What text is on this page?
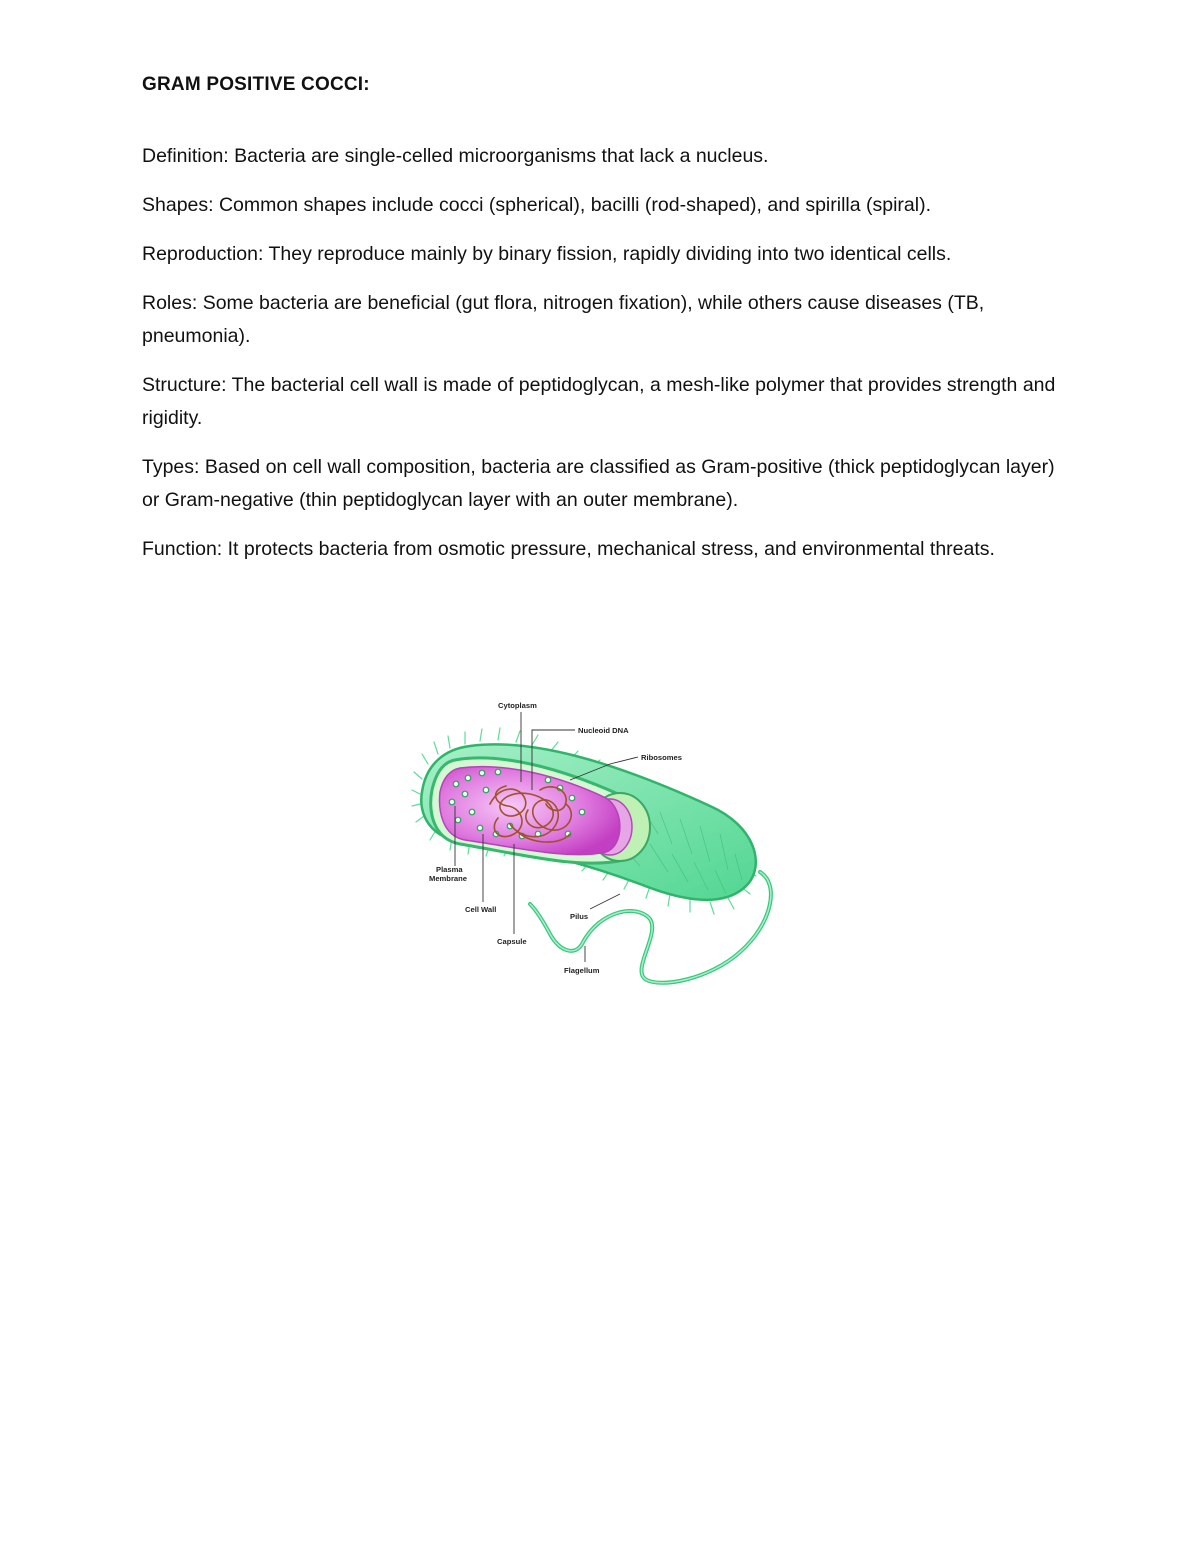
GRAM POSITIVE COCCI:

Definition: Bacteria are single-celled microorganisms that lack a nucleus.

Shapes: Common shapes include cocci (spherical), bacilli (rod-shaped), and spirilla (spiral).

Reproduction: They reproduce mainly by binary fission, rapidly dividing into two identical cells.

Roles: Some bacteria are beneficial (gut flora, nitrogen fixation), while others cause diseases (TB, pneumonia).

Structure: The bacterial cell wall is made of peptidoglycan, a mesh-like polymer that provides strength and rigidity.

Types: Based on cell wall composition, bacteria are classified as Gram-positive (thick peptidoglycan layer) or Gram-negative (thin peptidoglycan layer with an outer membrane).

Function: It protects bacteria from osmotic pressure, mechanical stress, and environmental threats.

Cytoplasm
Nucleoid DNA
Ribosomes
Plasma
Membrane
Cell Wall
Capsule
Pilus
Flagellum
